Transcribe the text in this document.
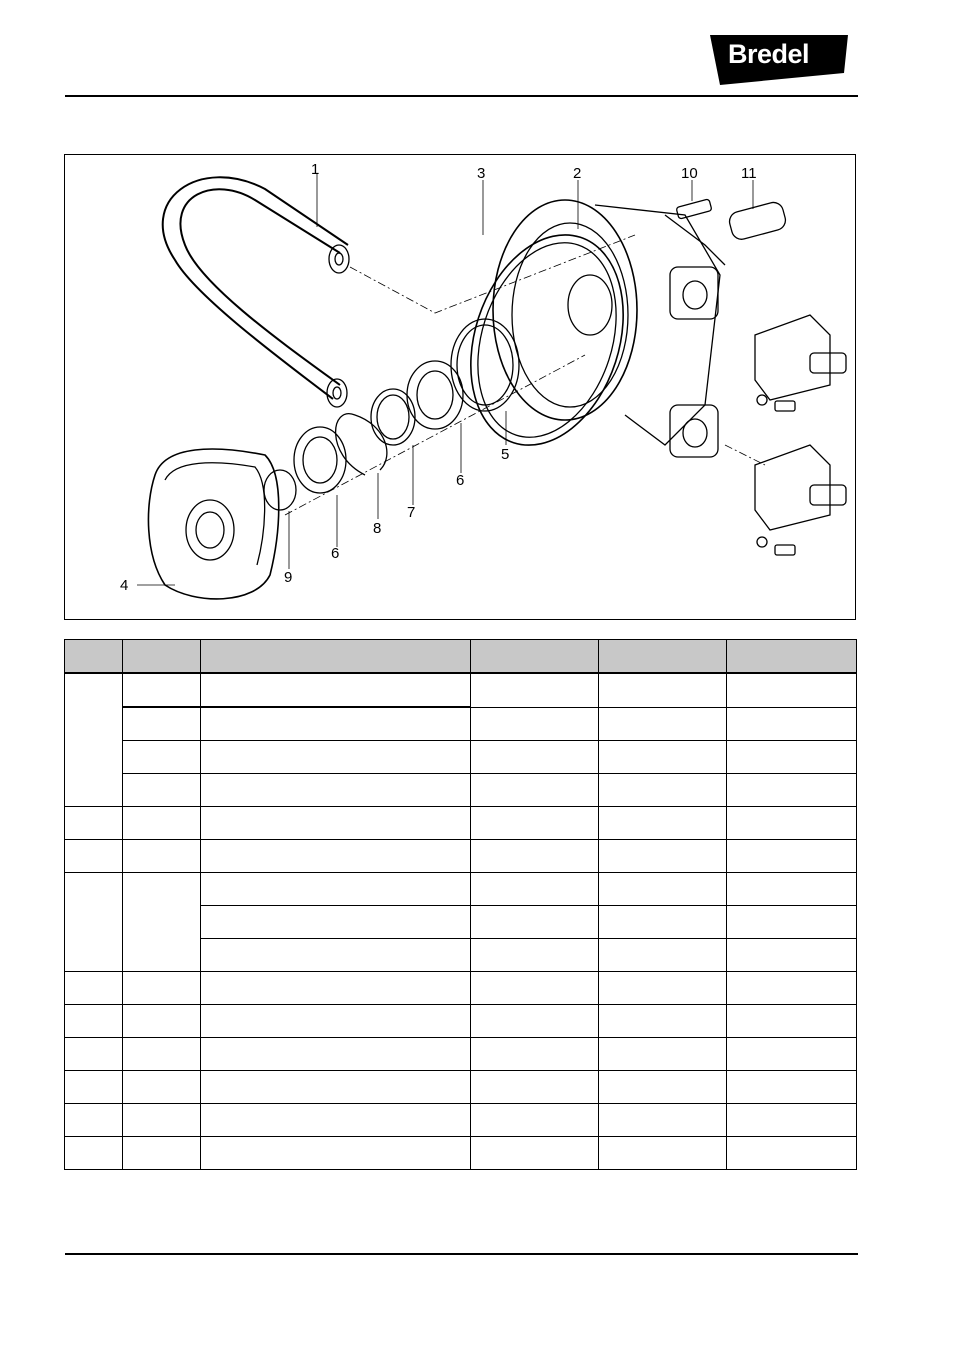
Bredel
1	3	2	10	11
5
6
7
8
6
9
4
